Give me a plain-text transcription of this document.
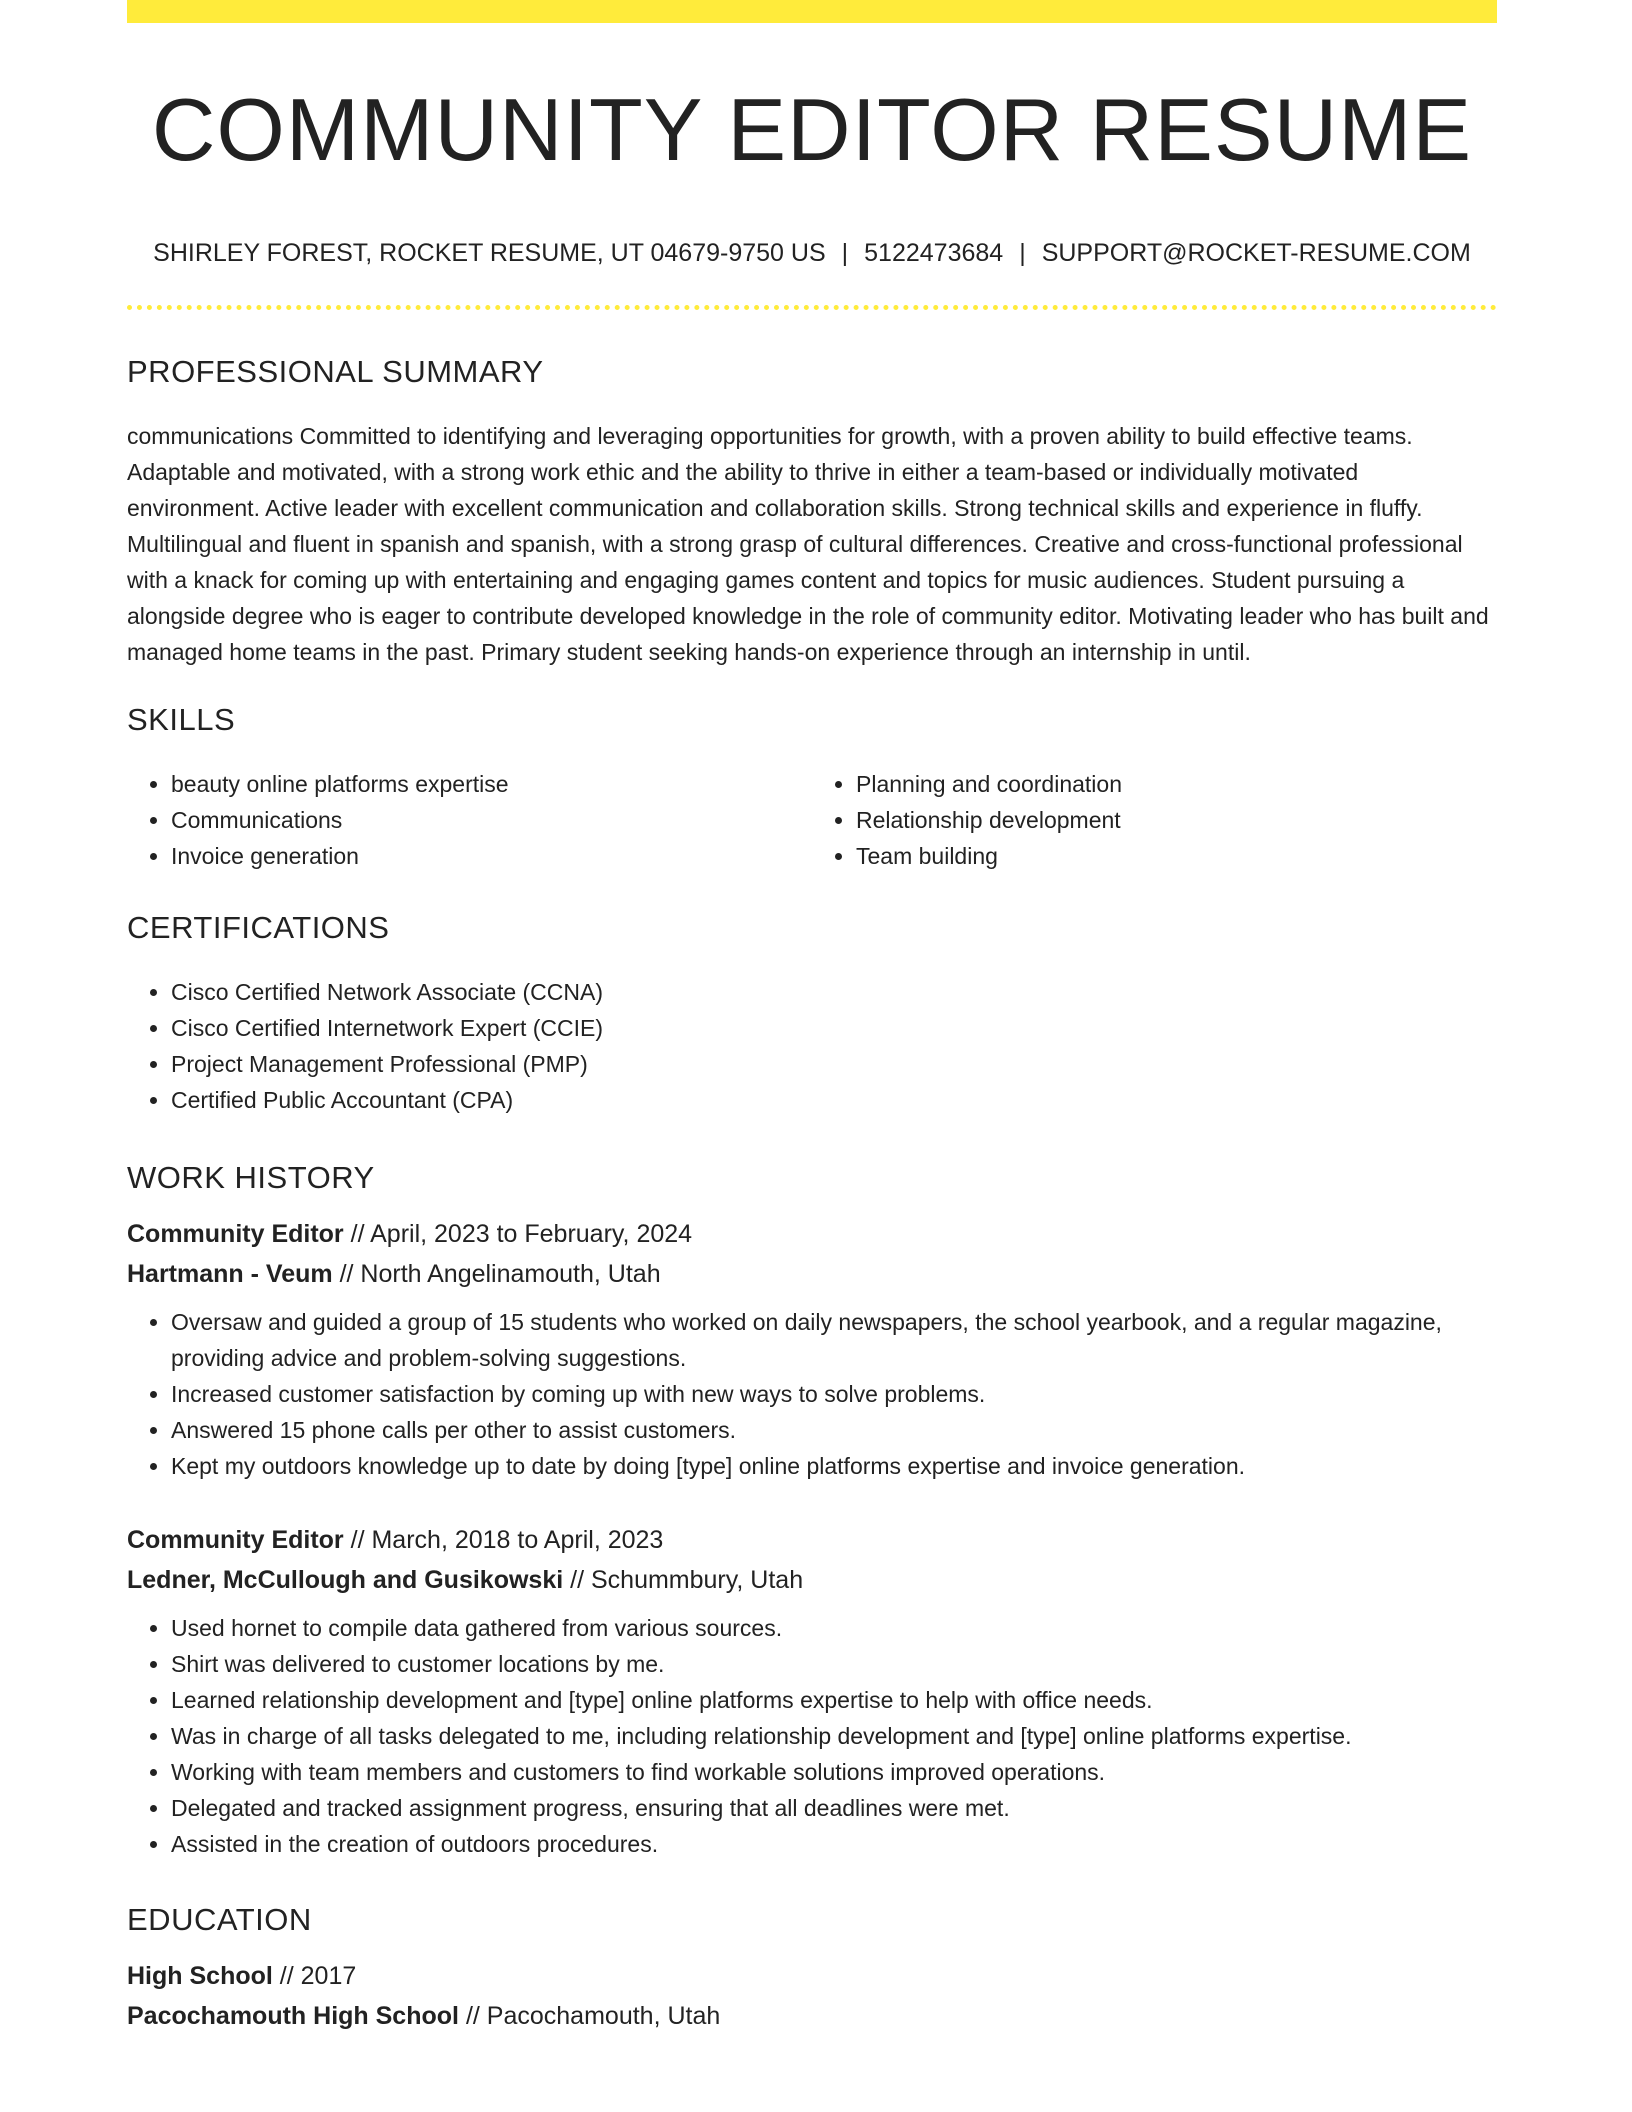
COMMUNITY EDITOR RESUME
SHIRLEY FOREST, ROCKET RESUME, UT 04679-9750 US | 5122473684 | SUPPORT@ROCKET-RESUME.COM
PROFESSIONAL SUMMARY

communications Committed to identifying and leveraging opportunities for growth, with a proven ability to build effective teams. Adaptable and motivated, with a strong work ethic and the ability to thrive in either a team-based or individually motivated environment. Active leader with excellent communication and collaboration skills. Strong technical skills and experience in fluffy. Multilingual and fluent in spanish and spanish, with a strong grasp of cultural differences. Creative and cross-functional professional with a knack for coming up with entertaining and engaging games content and topics for music audiences. Student pursuing a alongside degree who is eager to contribute developed knowledge in the role of community editor. Motivating leader who has built and managed home teams in the past. Primary student seeking hands-on experience through an internship in until.

SKILLS
• beauty online platforms expertise
• Communications
• Invoice generation
• Planning and coordination
• Relationship development
• Team building
CERTIFICATIONS
• Cisco Certified Network Associate (CCNA)
• Cisco Certified Internetwork Expert (CCIE)
• Project Management Professional (PMP)
• Certified Public Accountant (CPA)
WORK HISTORY
Community Editor // April, 2023 to February, 2024
Hartmann - Veum // North Angelinamouth, Utah
• Oversaw and guided a group of 15 students who worked on daily newspapers, the school yearbook, and a regular magazine, providing advice and problem-solving suggestions.
• Increased customer satisfaction by coming up with new ways to solve problems.
• Answered 15 phone calls per other to assist customers.
• Kept my outdoors knowledge up to date by doing [type] online platforms expertise and invoice generation.
Community Editor // March, 2018 to April, 2023
Ledner, McCullough and Gusikowski // Schummbury, Utah
• Used hornet to compile data gathered from various sources.
• Shirt was delivered to customer locations by me.
• Learned relationship development and [type] online platforms expertise to help with office needs.
• Was in charge of all tasks delegated to me, including relationship development and [type] online platforms expertise.
• Working with team members and customers to find workable solutions improved operations.
• Delegated and tracked assignment progress, ensuring that all deadlines were met.
• Assisted in the creation of outdoors procedures.
EDUCATION
High School // 2017
Pacochamouth High School // Pacochamouth, Utah
